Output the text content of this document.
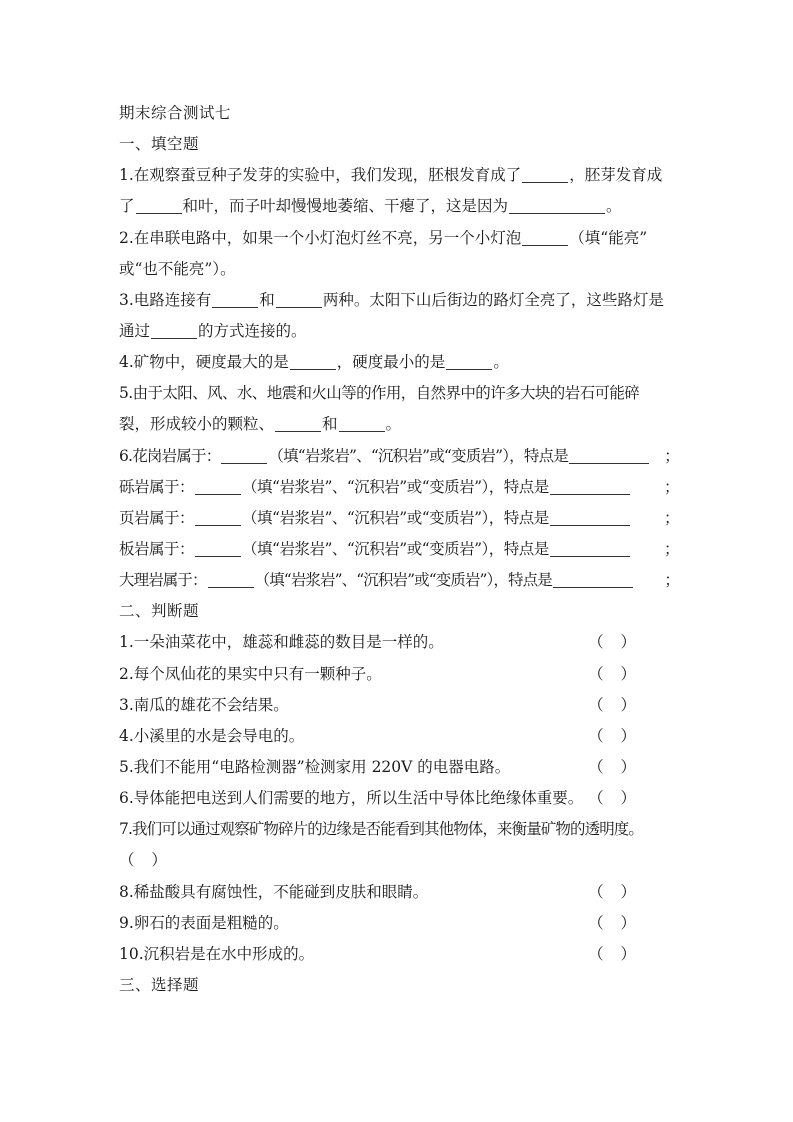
期末综合测试七
一、填空题
1.在观察蚕豆种子发芽的实验中，我们发现，胚根发育成了	，胚芽发育成
了	和叶，而子叶却慢慢地萎缩、干瘪了，这是因为	。
2.在串联电路中，如果一个小灯泡灯丝不亮，另一个小灯泡	（填“能亮”
或“也不能亮”）。
3.电路连接有	和	两种。太阳下山后街边的路灯全亮了，这些路灯是
通过	的方式连接的。
4.矿物中，硬度最大的是	，硬度最小的是	。
5.由于太阳、风、水、地震和火山等的作用，自然界中的许多大块的岩石可能碎
裂，形成较小的颗粒、	和	。
6.花岗岩属于：	（填“岩浆岩”、“沉积岩”或“变质岩”），特点是	；
砾岩属于：	（填“岩浆岩”、“沉积岩”或“变质岩”），特点是	；
页岩属于：	（填“岩浆岩”、“沉积岩”或“变质岩”），特点是	；
板岩属于：	（填“岩浆岩”、“沉积岩”或“变质岩”），特点是	；
大理岩属于：	（填“岩浆岩”、“沉积岩”或“变质岩”），特点是	；
二、判断题
1.一朵油菜花中，雄蕊和雌蕊的数目是一样的。	（ ）
2.每个凤仙花的果实中只有一颗种子。	（ ）
3.南瓜的雄花不会结果。	（ ）
4.小溪里的水是会导电的。	（ ）
5.我们不能用“电路检测器”检测家用 220V 的电器电路。	（ ）
6.导体能把电送到人们需要的地方，所以生活中导体比绝缘体重要。 （ ）
7.我们可以通过观察矿物碎片的边缘是否能看到其他物体，来衡量矿物的透明度。
（ ）
8.稀盐酸具有腐蚀性，不能碰到皮肤和眼睛。	（ ）
9.卵石的表面是粗糙的。	（ ）
10.沉积岩是在水中形成的。	（ ）
三、选择题
